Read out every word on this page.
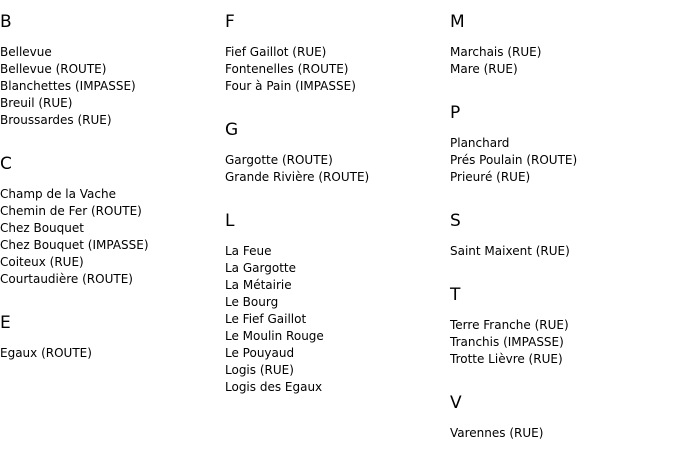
B
Bellevue
Bellevue (ROUTE)
Blanchettes (IMPASSE)
Breuil (RUE)
Broussardes (RUE)
C
Champ de la Vache
Chemin de Fer (ROUTE)
Chez Bouquet
Chez Bouquet (IMPASSE)
Coiteux (RUE)
Courtaudière (ROUTE)
E
Egaux (ROUTE)
F
Fief Gaillot (RUE)
Fontenelles (ROUTE)
Four à Pain (IMPASSE)
G
Gargotte (ROUTE)
Grande Rivière (ROUTE)
L
La Feue
La Gargotte
La Métairie
Le Bourg
Le Fief Gaillot
Le Moulin Rouge
Le Pouyaud
Logis (RUE)
Logis des Egaux
M
Marchais (RUE)
Mare (RUE)
P
Planchard
Prés Poulain (ROUTE)
Prieuré (RUE)
S
Saint Maixent (RUE)
T
Terre Franche (RUE)
Tranchis (IMPASSE)
Trotte Lièvre (RUE)
V
Varennes (RUE)
